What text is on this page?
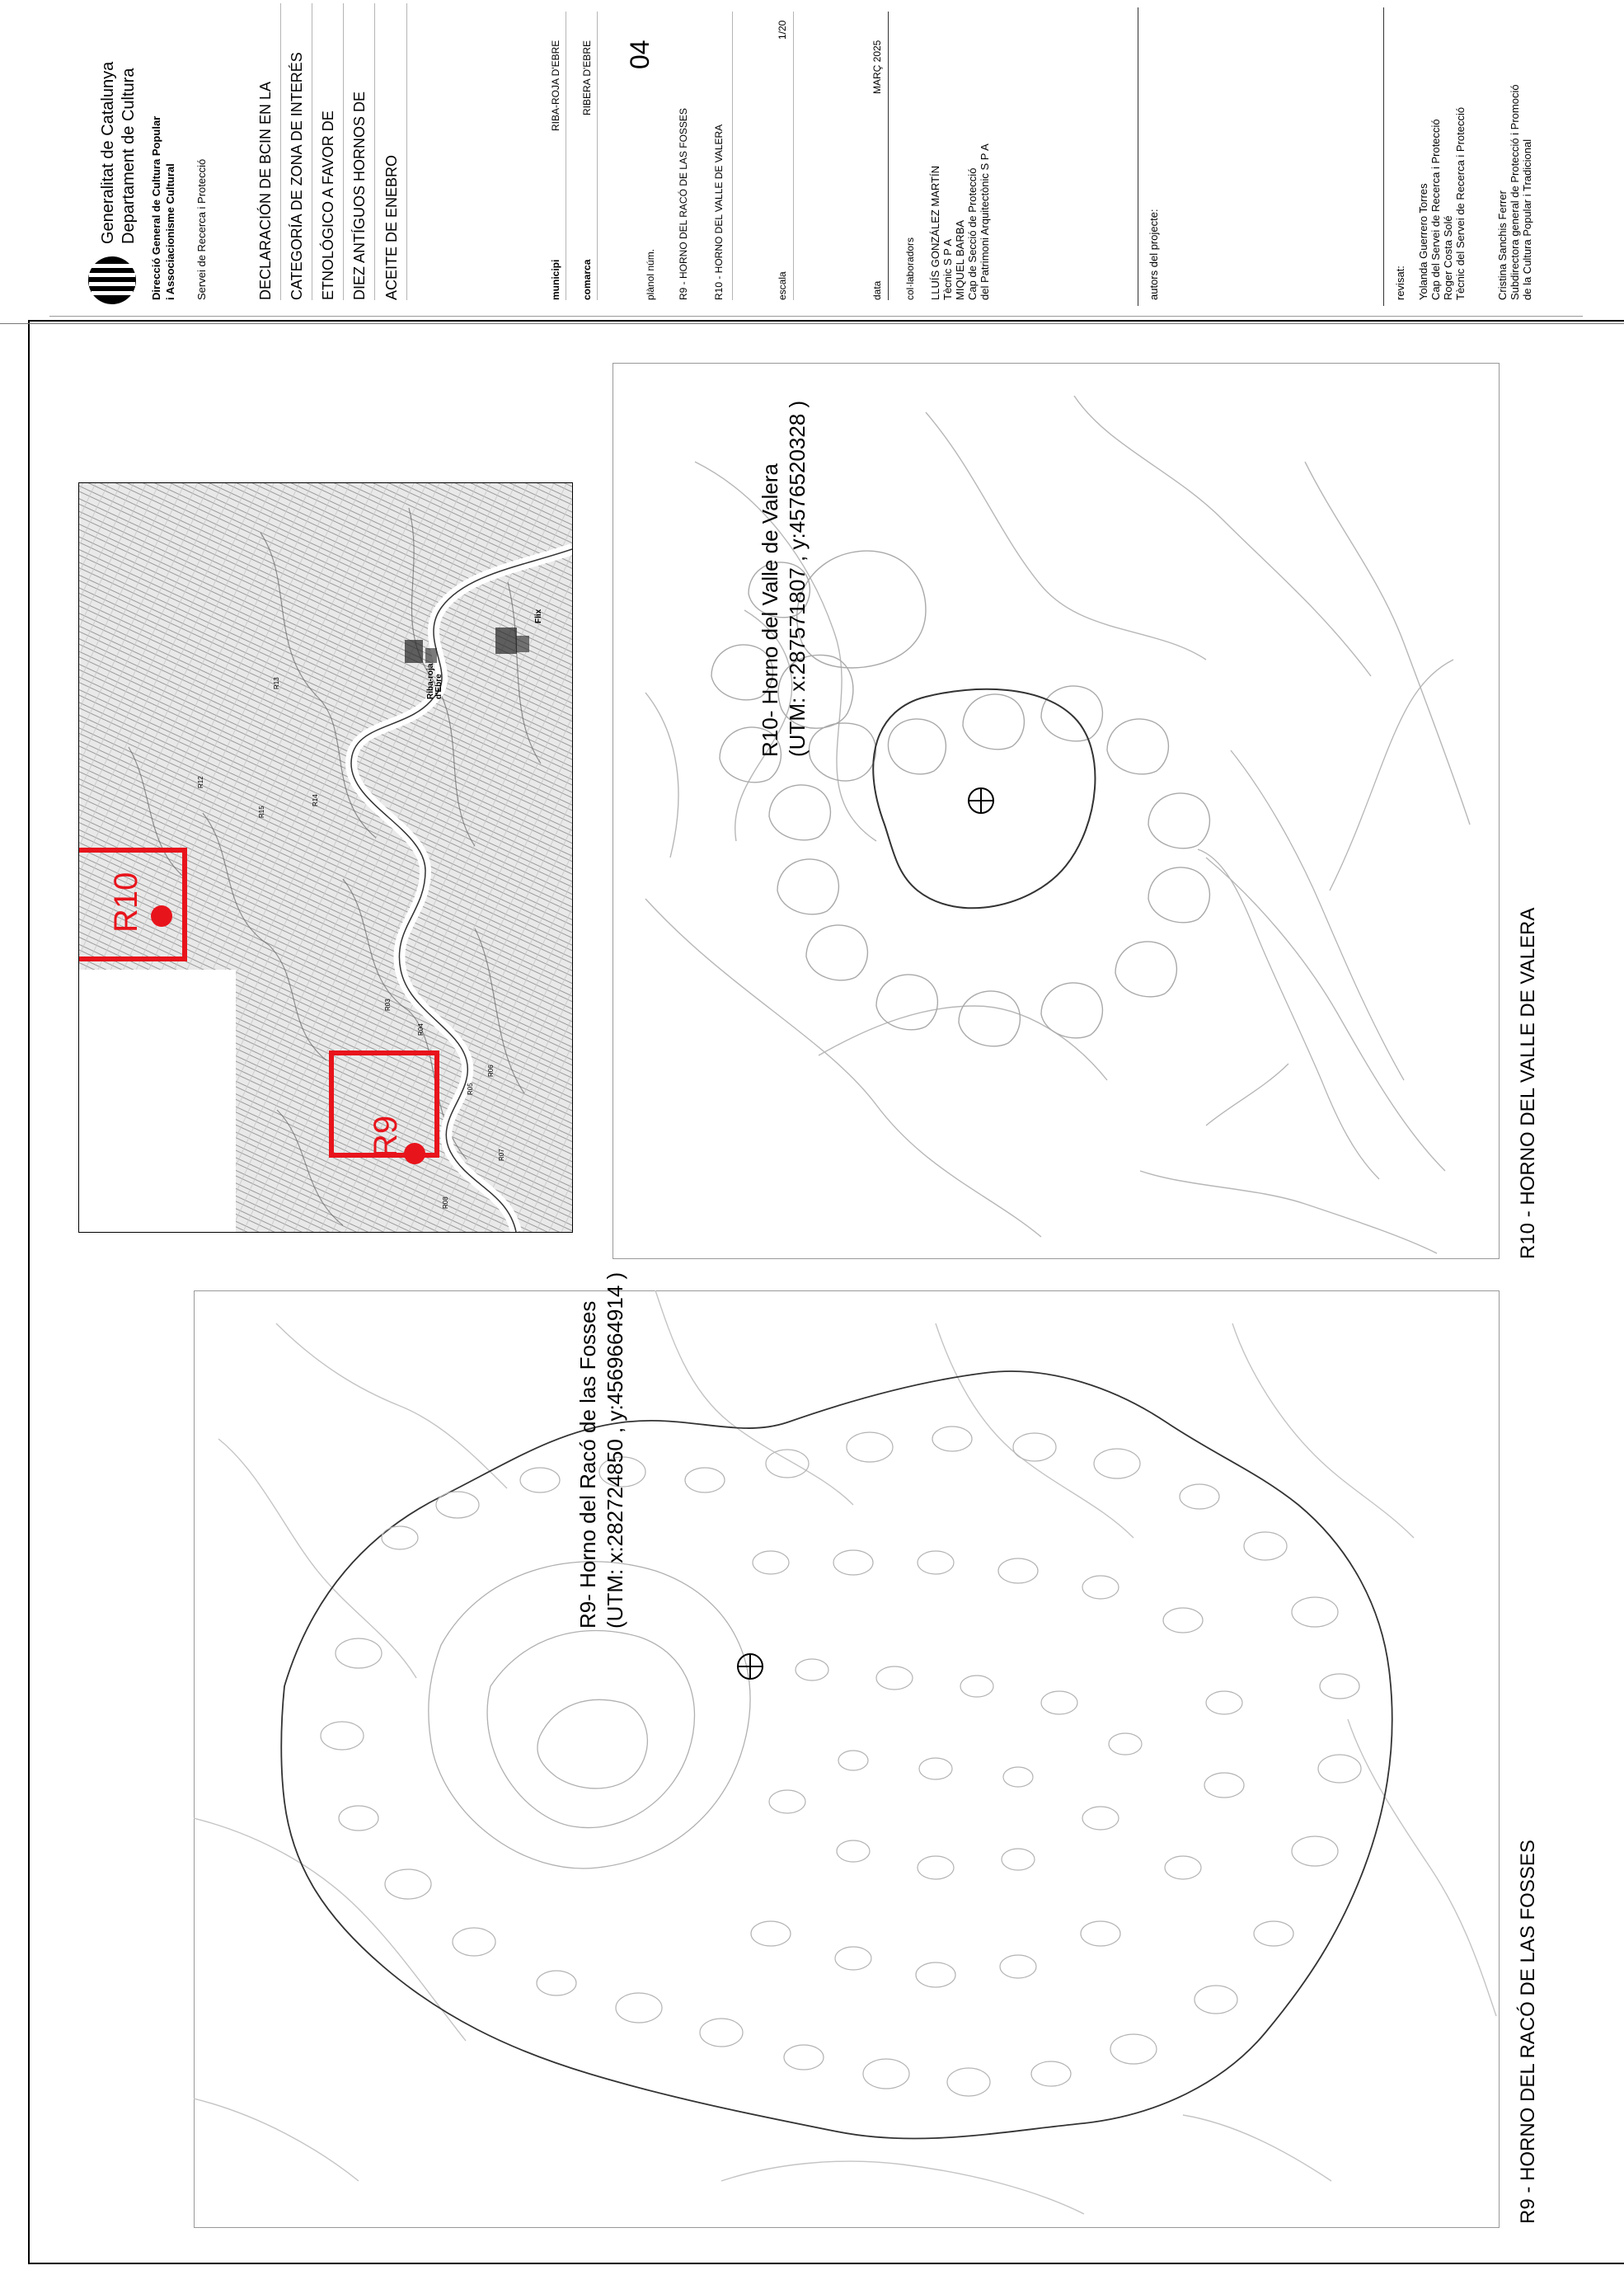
Generalitat de Catalunya Departament de Cultura Direcció General de Cultura Popular i Associacionisme Cultural Servei de Recerca i Protecció	DECLARACIÓN DE BCIN EN LA CATEGORÍA DE ZONA DE INTERÉS ETNOLÓGICO A FAVOR DE DIEZ ANTÍGUOS HORNOS DE ACEITE DE ENEBRO	municipi
RIBA-ROJA D'EBRE
comarca
RIBERA D'EBRE
plànol núm.
04
R9 - HORNO DEL RACÓ DE LAS FOSSES R10 - HORNO DEL VALLE DE VALERA	escala
1/20
data
MARÇ 2025
col·laboradors LLUÍS GONZÁLEZ MARTÍN Tècnic S P A MIQUEL BARBA Cap de Secció de Protecció del Patrimoni Arquitectònic S P A	autors del projecte:	revisat: Yolanda Guerrero Torres Cap del Servei de Recerca i Protecció Roger Costa Solé Tècnic del Servei de Recerca i Protecció	Cristina Sanchis Ferrer Subdirectora general de Protecció i Promoció de la Cultura Popular i Tradicional
R9
R10
R14
R15
R12
R13
R05
R06
R07
R08
R03
R04
Riba-roja d'Ebre
Flix	R10- Horno del Valle de Valera (UTM: x:287571807 , y:4576520328 )
R9- Horno del Racó de las Fosses (UTM: x:282724850 , y:4569664914 )
R10 - HORNO DEL VALLE DE VALERA
R9 - HORNO DEL RACÓ DE LAS FOSSES
